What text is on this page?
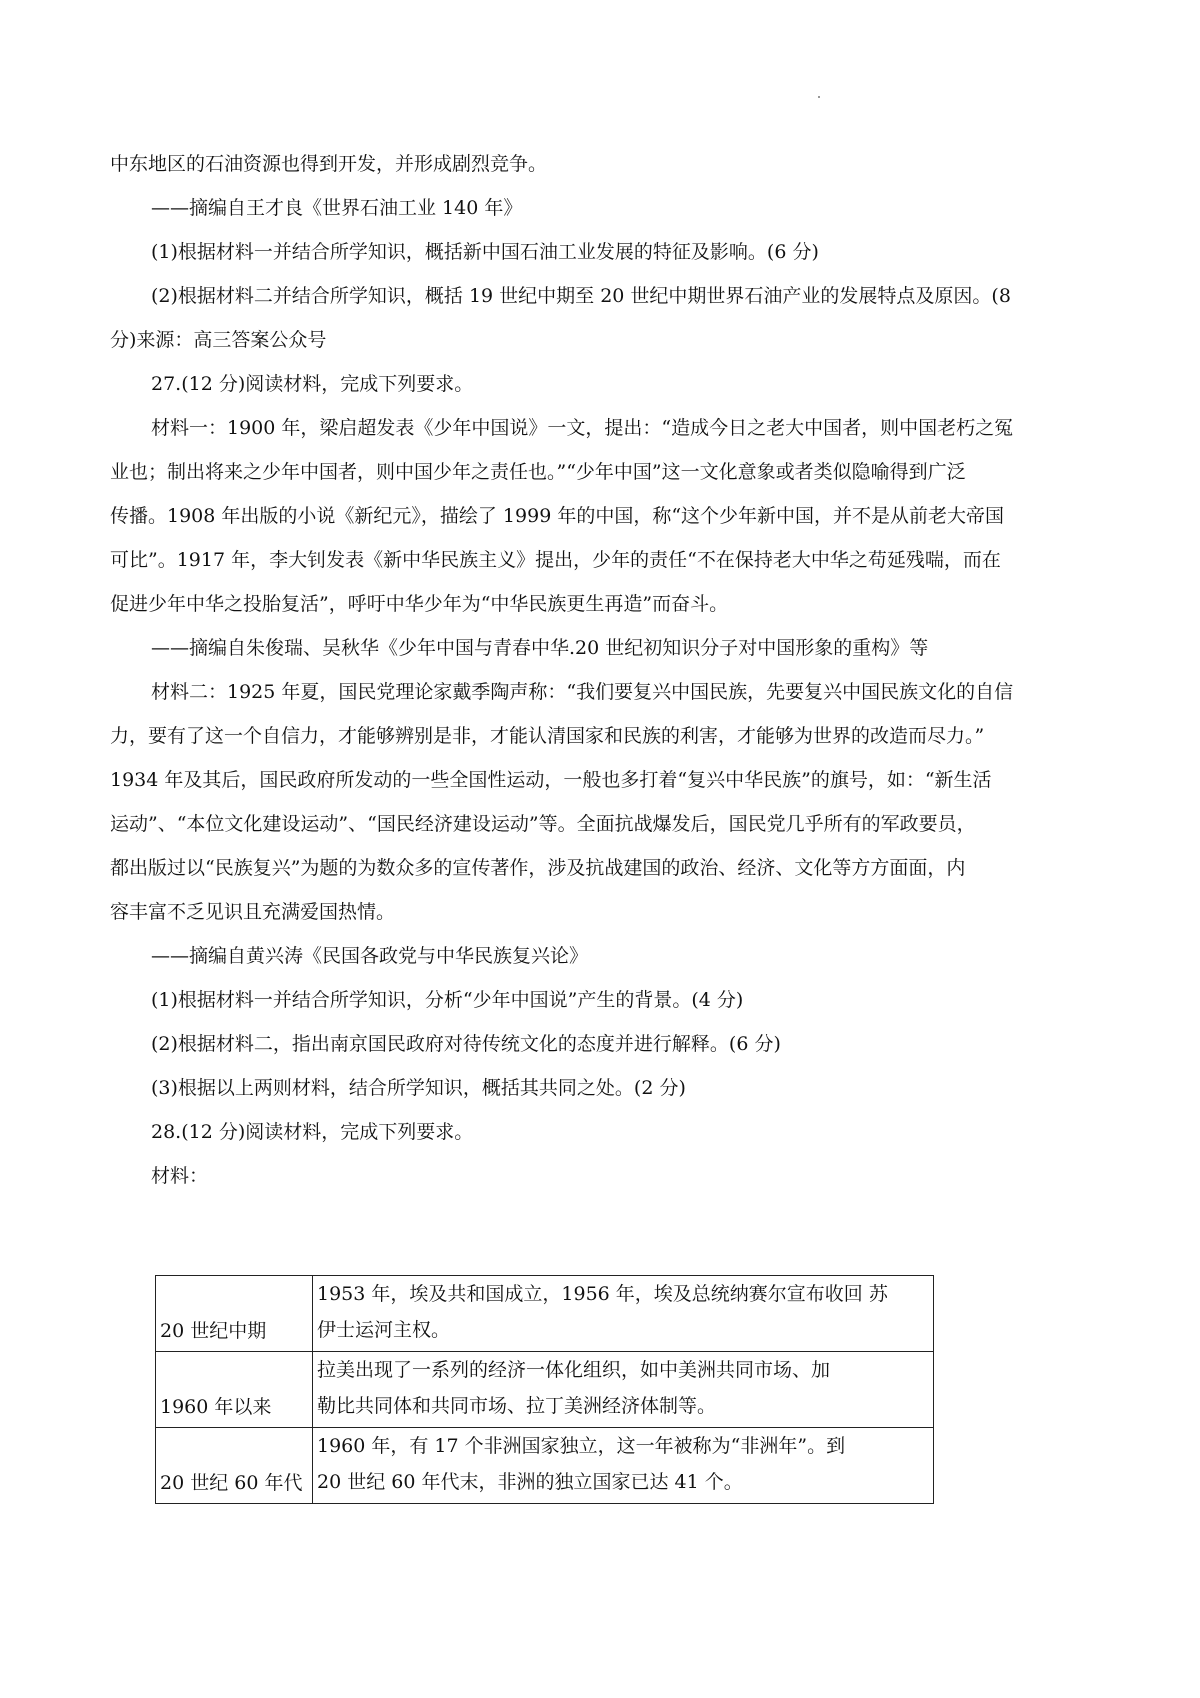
中东地区的石油资源也得到开发，并形成剧烈竞争。
——摘编自王才良《世界石油工业 140 年》
(1)根据材料一并结合所学知识，概括新中国石油工业发展的特征及影响。(6 分)
(2)根据材料二并结合所学知识，概括 19 世纪中期至 20 世纪中期世界石油产业的发展特点及原因。(8
分)来源：高三答案公众号
27.(12 分)阅读材料，完成下列要求。
材料一：1900 年，梁启超发表《少年中国说》一文，提出：“造成今日之老大中国者，则中国老朽之冤
业也；制出将来之少年中国者，则中国少年之责任也。”“少年中国”这一文化意象或者类似隐喻得到广泛
传播。1908 年出版的小说《新纪元》，描绘了 1999 年的中国，称“这个少年新中国，并不是从前老大帝国
可比”。1917 年，李大钊发表《新中华民族主义》提出，少年的责任“不在保持老大中华之苟延残喘，而在
促进少年中华之投胎复活”，呼吁中华少年为“中华民族更生再造”而奋斗。
——摘编自朱俊瑞、吴秋华《少年中国与青春中华.20 世纪初知识分子对中国形象的重构》等
材料二：1925 年夏，国民党理论家戴季陶声称：“我们要复兴中国民族，先要复兴中国民族文化的自信
力，要有了这一个自信力，才能够辨别是非，才能认清国家和民族的利害，才能够为世界的改造而尽力。”
1934 年及其后，国民政府所发动的一些全国性运动，一般也多打着“复兴中华民族”的旗号，如：“新生活
运动”、“本位文化建设运动”、“国民经济建设运动”等。全面抗战爆发后，国民党几乎所有的军政要员，
都出版过以“民族复兴”为题的为数众多的宣传著作，涉及抗战建国的政治、经济、文化等方方面面，内
容丰富不乏见识且充满爱国热情。
——摘编自黄兴涛《民国各政党与中华民族复兴论》
(1)根据材料一并结合所学知识，分析“少年中国说”产生的背景。(4 分)
(2)根据材料二，指出南京国民政府对待传统文化的态度并进行解释。(6 分)
(3)根据以上两则材料，结合所学知识，概括其共同之处。(2 分)
28.(12 分)阅读材料，完成下列要求。
材料：
20 世纪中期	1953 年，埃及共和国成立，1956 年，埃及总统纳赛尔宣布收回 苏
伊士运河主权。

1960 年以来	拉美出现了一系列的经济一体化组织，如中美洲共同市场、加
勒比共同体和共同市场、拉丁美洲经济体制等。

20 世纪 60 年代	1960 年，有 17 个非洲国家独立，这一年被称为“非洲年”。到
20 世纪 60 年代末，非洲的独立国家已达 41 个。
